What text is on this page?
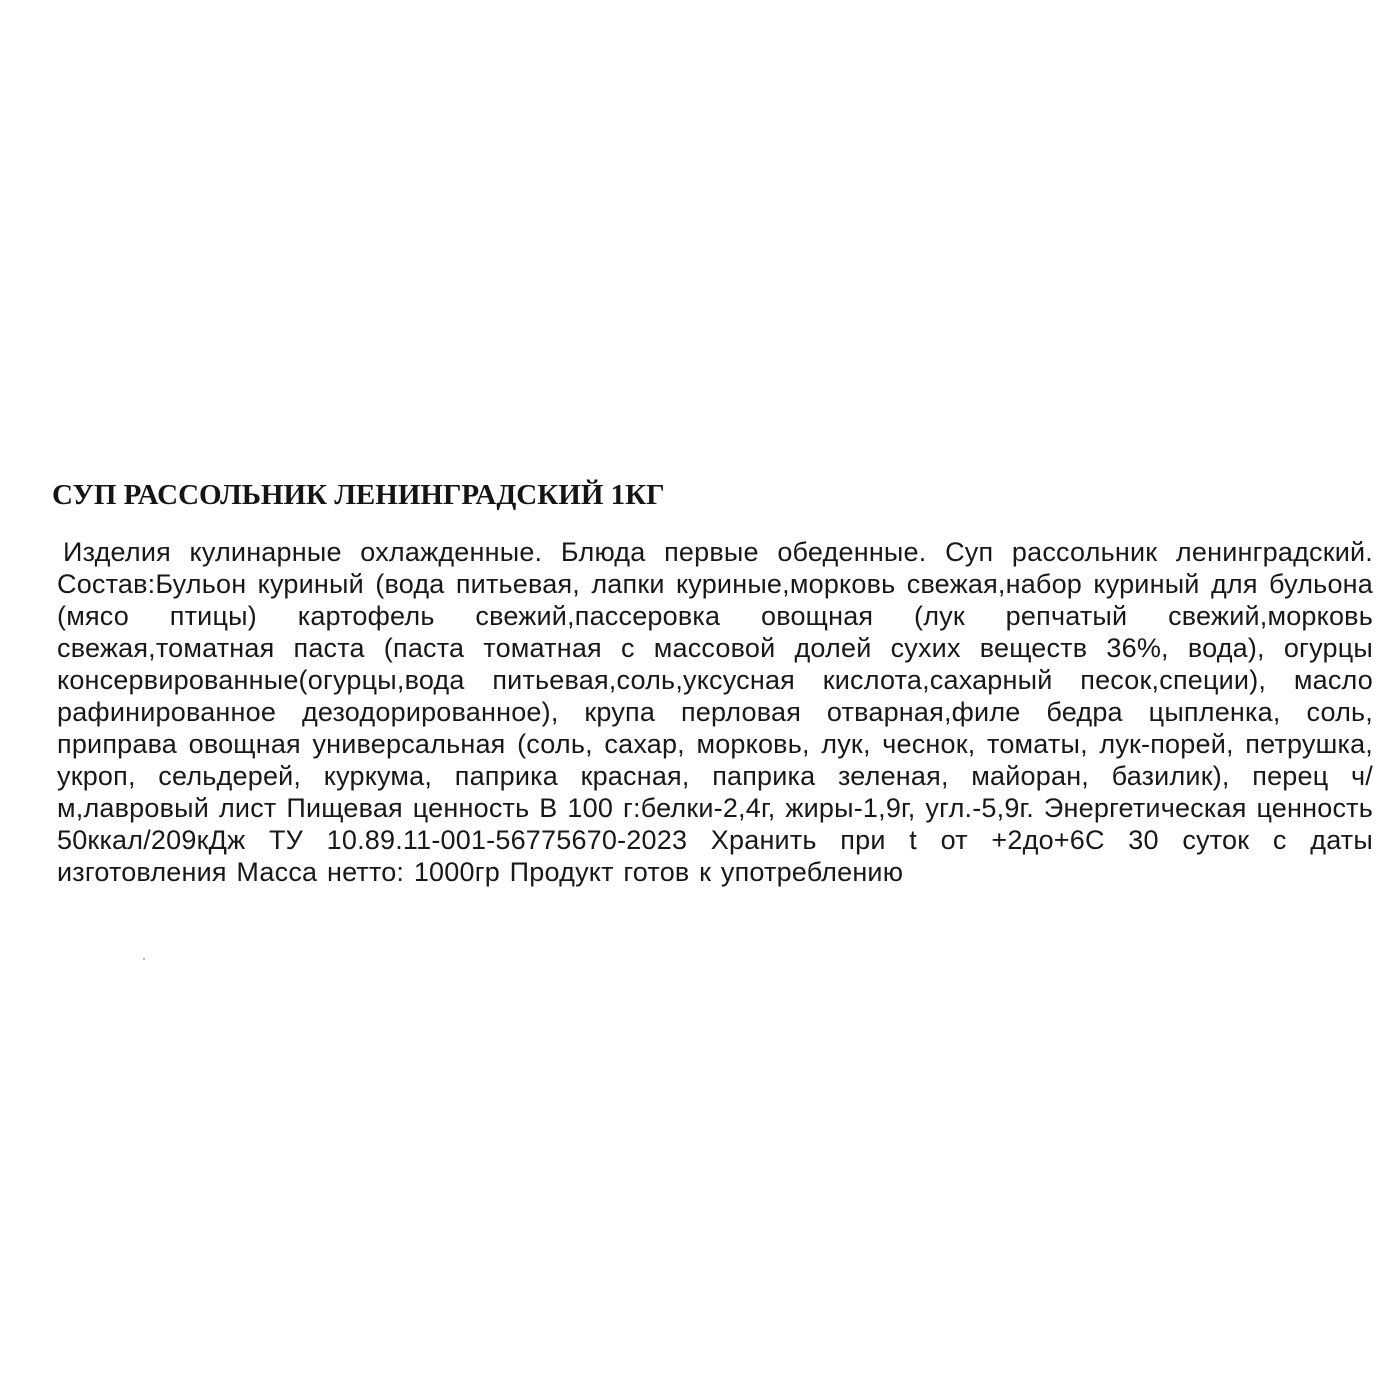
СУП РАССОЛЬНИК ЛЕНИНГРАДСКИЙ 1КГ

Изделия кулинарные охлажденные. Блюда первые обеденные. Суп рассольник ленинградский. Состав:Бульон куриный (вода питьевая, лапки куриные,морковь свежая,набор куриный для бульона (мясо птицы) картофель свежий,пассеровка овощная (лук репчатый свежий,морковь свежая,томатная паста (паста томатная с массовой долей сухих веществ 36%, вода), огурцы консервированные(огурцы,вода питьевая,соль,уксусная кислота,сахарный песок,специи), масло рафинированное дезодорированное), крупа перловая отварная,филе бедра цыпленка, соль, приправа овощная универсальная (соль, сахар, морковь, лук, чеснок, томаты, лук-порей, петрушка, укроп, сельдерей, куркума, паприка красная, паприка зеленая, майоран, базилик), перец ч/м,лавровый лист Пищевая ценность В 100 г:белки-2,4г, жиры-1,9г, угл.-5,9г. Энергетическая ценность 50ккал/209кДж ТУ 10.89.11-001-56775670-2023 Хранить при t от +2до+6С 30 суток с даты изготовления Масса нетто: 1000гр Продукт готов к употреблению
